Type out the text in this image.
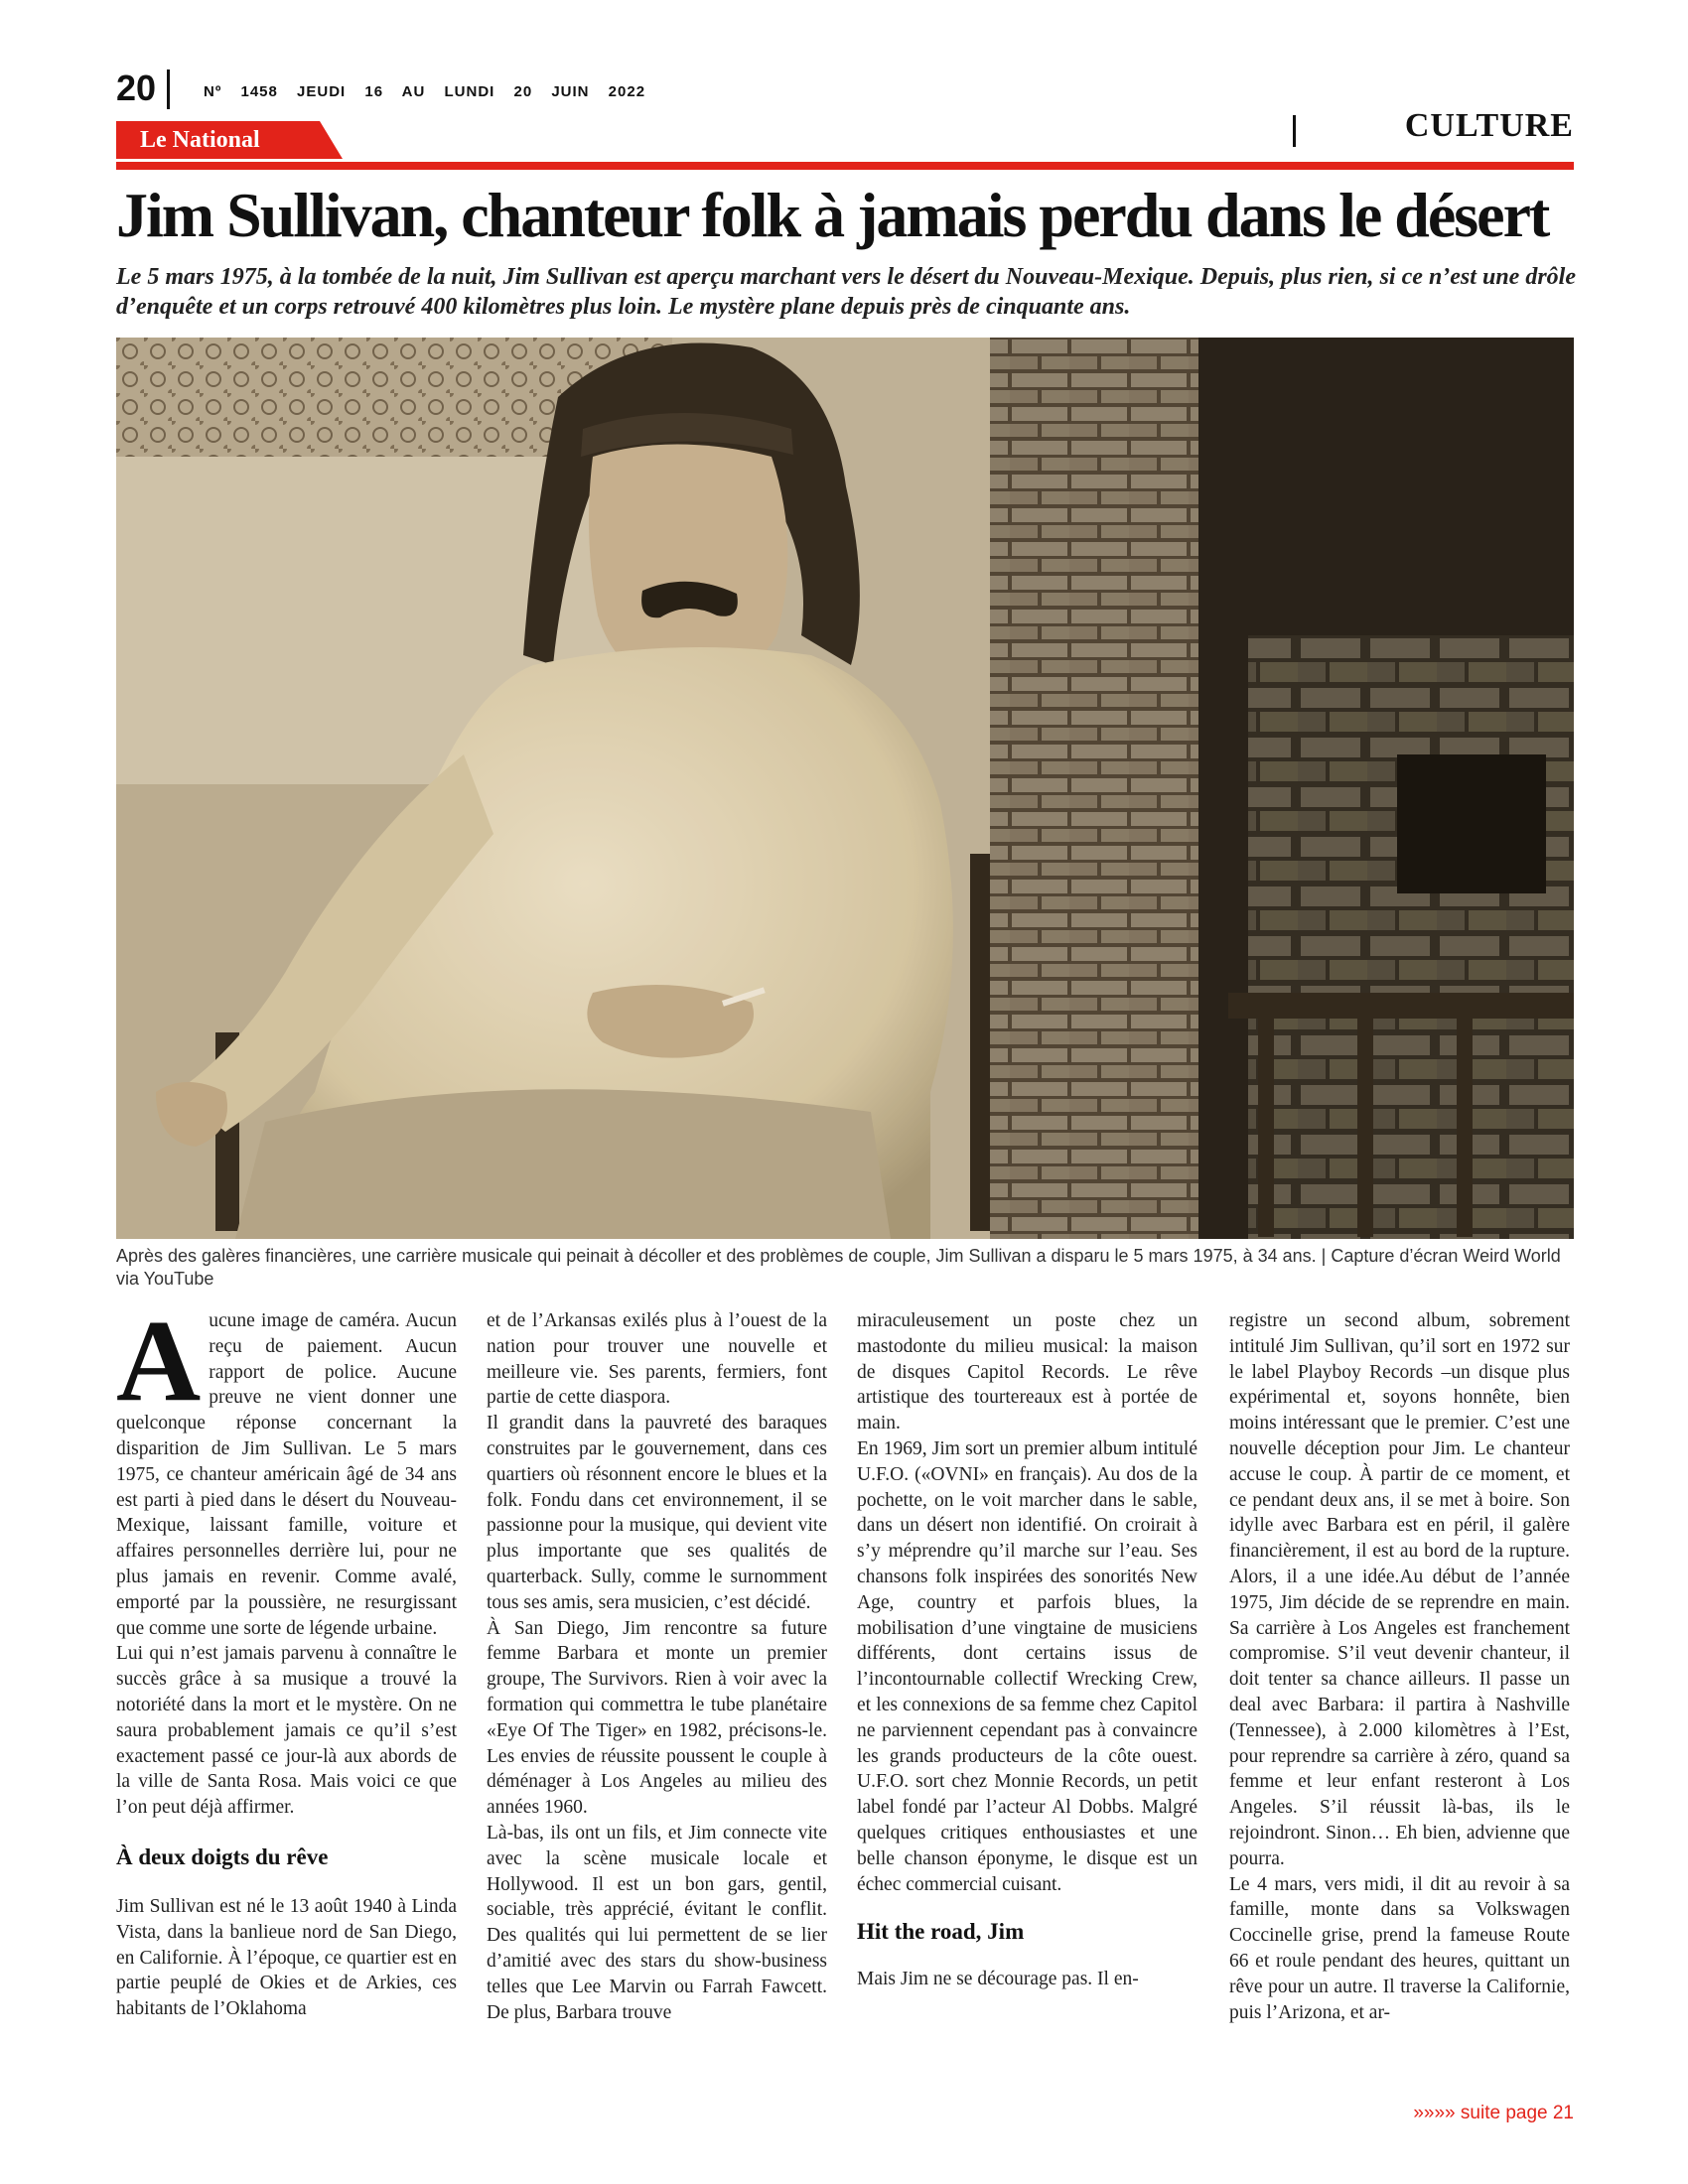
20	Nº 1458 JEUDI 16 AU LUNDI 20 JUIN 2022
Le National	CULTURE
Jim Sullivan, chanteur folk à jamais perdu dans le désert
Le 5 mars 1975, à la tombée de la nuit, Jim Sullivan est aperçu marchant vers le désert du Nouveau-Mexique. Depuis, plus rien, si ce n’est une drôle d’enquête et un corps retrouvé 400 kilomètres plus loin. Le mystère plane depuis près de cinquante ans.
Après des galères financières, une carrière musicale qui peinait à décoller et des problèmes de couple, Jim Sullivan a disparu le 5 mars 1975, à 34 ans. | Capture d’écran Weird World via YouTube

Aucune image de caméra. Aucun reçu de paiement. Aucun rapport de police. Aucune preuve ne vient donner une quelconque réponse concernant la disparition de Jim Sullivan. Le 5 mars 1975, ce chanteur américain âgé de 34 ans est parti à pied dans le désert du Nouveau-Mexique, laissant famille, voiture et affaires personnelles derrière lui, pour ne plus jamais en revenir. Comme avalé, emporté par la poussière, ne resurgissant que comme une sorte de légende urbaine.

Lui qui n’est jamais parvenu à connaître le succès grâce à sa musique a trouvé la notoriété dans la mort et le mystère. On ne saura probablement jamais ce qu’il s’est exactement passé ce jour-là aux abords de la ville de Santa Rosa. Mais voici ce que l’on peut déjà affirmer.

À deux doigts du rêve

Jim Sullivan est né le 13 août 1940 à Linda Vista, dans la banlieue nord de San Diego, en Californie. À l’époque, ce quartier est en partie peuplé de Okies et de Arkies, ces habitants de l’Oklahoma

et de l’Arkansas exilés plus à l’ouest de la nation pour trouver une nouvelle et meilleure vie. Ses parents, fermiers, font partie de cette diaspora.

Il grandit dans la pauvreté des baraques construites par le gouvernement, dans ces quartiers où résonnent encore le blues et la folk. Fondu dans cet environnement, il se passionne pour la musique, qui devient vite plus importante que ses qualités de quarterback. Sully, comme le surnomment tous ses amis, sera musicien, c’est décidé.

À San Diego, Jim rencontre sa future femme Barbara et monte un premier groupe, The Survivors. Rien à voir avec la formation qui commettra le tube planétaire «Eye Of The Tiger» en 1982, précisons-le. Les envies de réussite poussent le couple à déménager à Los Angeles au milieu des années 1960.

Là-bas, ils ont un fils, et Jim connecte vite avec la scène musicale locale et Hollywood. Il est un bon gars, gentil, sociable, très apprécié, évitant le conflit. Des qualités qui lui permettent de se lier d’amitié avec des stars du show-business telles que Lee Marvin ou Farrah Fawcett. De plus, Barbara trouve

miraculeusement un poste chez un mastodonte du milieu musical: la maison de disques Capitol Records. Le rêve artistique des tourtereaux est à portée de main.

En 1969, Jim sort un premier album intitulé U.F.O. («OVNI» en français). Au dos de la pochette, on le voit marcher dans le sable, dans un désert non identifié. On croirait à s’y méprendre qu’il marche sur l’eau. Ses chansons folk inspirées des sonorités New Age, country et parfois blues, la mobilisation d’une vingtaine de musiciens différents, dont certains issus de l’incontournable collectif Wrecking Crew, et les connexions de sa femme chez Capitol ne parviennent cependant pas à convaincre les grands producteurs de la côte ouest. U.F.O. sort chez Monnie Records, un petit label fondé par l’acteur Al Dobbs. Malgré quelques critiques enthousiastes et une belle chanson éponyme, le disque est un échec commercial cuisant.

Hit the road, Jim

Mais Jim ne se décourage pas. Il en-

registre un second album, sobrement intitulé Jim Sullivan, qu’il sort en 1972 sur le label Playboy Records –un disque plus expérimental et, soyons honnête, bien moins intéressant que le premier. C’est une nouvelle déception pour Jim. Le chanteur accuse le coup. À partir de ce moment, et ce pendant deux ans, il se met à boire. Son idylle avec Barbara est en péril, il galère financièrement, il est au bord de la rupture. Alors, il a une idée.Au début de l’année 1975, Jim décide de se reprendre en main. Sa carrière à Los Angeles est franchement compromise. S’il veut devenir chanteur, il doit tenter sa chance ailleurs. Il passe un deal avec Barbara: il partira à Nashville (Tennessee), à 2.000 kilomètres à l’Est, pour reprendre sa carrière à zéro, quand sa femme et leur enfant resteront à Los Angeles. S’il réussit là-bas, ils le rejoindront. Sinon… Eh bien, advienne que pourra.

Le 4 mars, vers midi, il dit au revoir à sa famille, monte dans sa Volkswagen Coccinelle grise, prend la fameuse Route 66 et roule pendant des heures, quittant un rêve pour un autre. Il traverse la Californie, puis l’Arizona, et ar-

»»»» suite page 21
